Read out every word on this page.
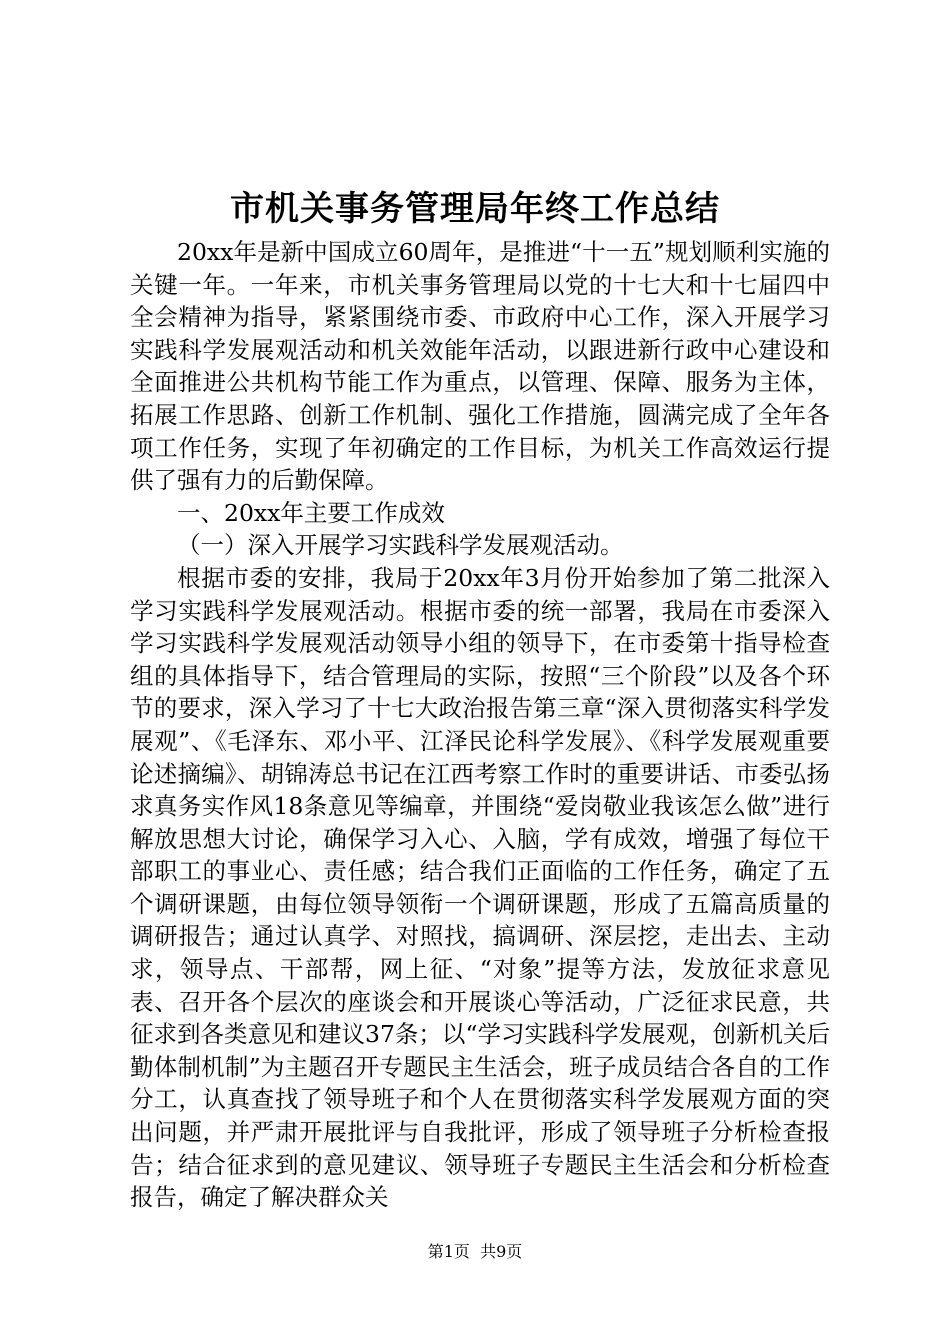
市机关事务管理局年终工作总结

20xx年是新中国成立60周年，是推进“十一五”规划顺利实施的关键一年。一年来，市机关事务管理局以党的十七大和十七届四中全会精神为指导，紧紧围绕市委、市政府中心工作，深入开展学习实践科学发展观活动和机关效能年活动，以跟进新行政中心建设和全面推进公共机构节能工作为重点，以管理、保障、服务为主体，拓展工作思路、创新工作机制、强化工作措施，圆满完成了全年各项工作任务，实现了年初确定的工作目标，为机关工作高效运行提供了强有力的后勤保障。

一、20xx年主要工作成效

（一）深入开展学习实践科学发展观活动。

根据市委的安排，我局于20xx年3月份开始参加了第二批深入学习实践科学发展观活动。根据市委的统一部署，我局在市委深入学习实践科学发展观活动领导小组的领导下，在市委第十指导检查组的具体指导下，结合管理局的实际，按照“三个阶段”以及各个环节的要求，深入学习了十七大政治报告第三章“深入贯彻落实科学发展观”、《毛泽东、邓小平、江泽民论科学发展》、《科学发展观重要论述摘编》、胡锦涛总书记在江西考察工作时的重要讲话、市委弘扬求真务实作风18条意见等编章，并围绕“爱岗敬业我该怎么做”进行解放思想大讨论，确保学习入心、入脑，学有成效，增强了每位干部职工的事业心、责任感；结合我们正面临的工作任务，确定了五个调研课题，由每位领导领衔一个调研课题，形成了五篇高质量的调研报告；通过认真学、对照找，搞调研、深层挖，走出去、主动求，领导点、干部帮，网上征、“对象”提等方法，发放征求意见表、召开各个层次的座谈会和开展谈心等活动，广泛征求民意，共征求到各类意见和建议37条；以“学习实践科学发展观，创新机关后勤体制机制”为主题召开专题民主生活会，班子成员结合各自的工作分工，认真查找了领导班子和个人在贯彻落实科学发展观方面的突出问题，并严肃开展批评与自我批评，形成了领导班子分析检查报告；结合征求到的意见建议、领导班子专题民主生活会和分析检查报告，确定了解决群众关

第1页  共9页
